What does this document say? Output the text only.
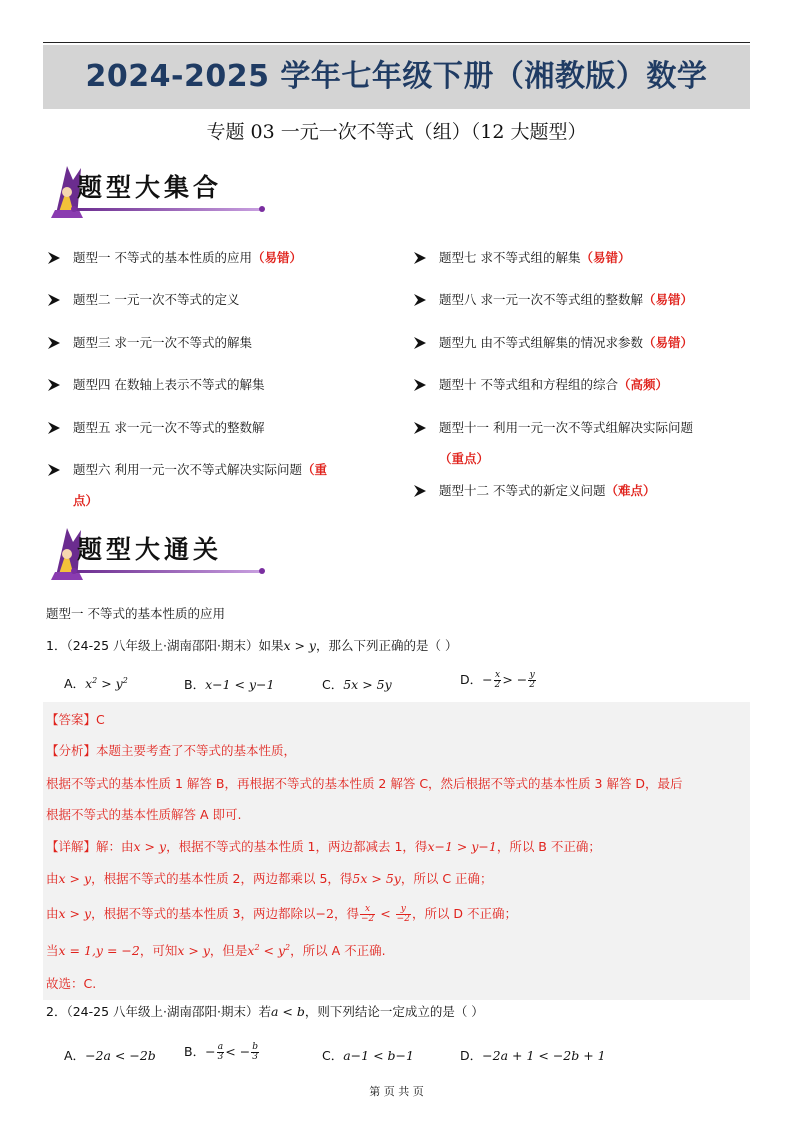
2024-2025 学年七年级下册（湘教版）数学
专题 03 一元一次不等式（组）（12 大题型）
题型大集合
题型一 不等式的基本性质的应用（易错）
题型二 一元一次不等式的定义
题型三 求一元一次不等式的解集
题型四 在数轴上表示不等式的解集
题型五 求一元一次不等式的整数解
题型六 利用一元一次不等式解决实际问题（重
点）
题型七 求不等式组的解集（易错）
题型八 求一元一次不等式组的整数解（易错）
题型九 由不等式组解集的情况求参数（易错）
题型十 不等式组和方程组的综合（高频）
题型十一 利用一元一次不等式组解决实际问题
（重点）
题型十二 不等式的新定义问题（难点）
题型大通关
题型一 不等式的基本性质的应用
1．（24-25 八年级上·湖南邵阳·期末）如果x > y，那么下列正确的是（ ）
A．$x^2 > y^2$	B．x−1 < y−1	C．5x > 5y	D．− $\frac{x}{2}$ > − $\frac{y}{2}$
【答案】C
【分析】本题主要考查了不等式的基本性质，
根据不等式的基本性质 1 解答 B，再根据不等式的基本性质 2 解答 C，然后根据不等式的基本性质 3 解答 D，最后
根据不等式的基本性质解答 A 即可.
【详解】解：由x > y，根据不等式的基本性质 1，两边都减去 1，得x−1 > y−1，所以 B 不正确；
由x > y，根据不等式的基本性质 2，两边都乘以 5，得5x > 5y，所以 C 正确；
由x > y，根据不等式的基本性质 3，两边都除以−2，得 $\frac{x}{-2} < \frac{y}{-2}$ ，所以 D 不正确；
当x = 1,y = −2，可知x > y，但是$x^2 < y^2$，所以 A 不正确.
故选：C.
2．（24-25 八年级上·湖南邵阳·期末）若a < b，则下列结论一定成立的是（ ）
A．−2a < −2b B．− $\frac{a}{3}$ < − $\frac{b}{3}$	C．a−1 < b−1	D．−2a + 1 < −2b + 1
第 页 共 页
